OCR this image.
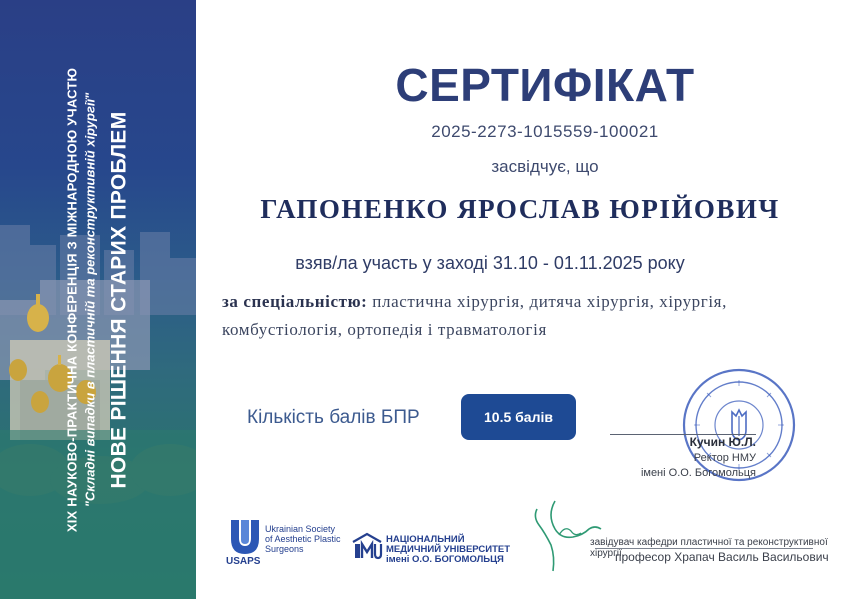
XIX НАУКОВО-ПРАКТИЧНА КОНФЕРЕНЦІЯ З МІЖНАРОДНОЮ УЧАСТЮ "Складні випадки в пластичній та реконструктивній хірургії" НОВЕ РІШЕННЯ СТАРИХ ПРОБЛЕМ
СЕРТИФІКАТ
2025-2273-1015559-100021
засвідчує, що
ГАПОНЕНКО ЯРОСЛАВ ЮРІЙОВИЧ
взяв/ла участь у заході 31.10 - 01.11.2025 року
за спеціальністю: пластична хірургія, дитяча хірургія, хірургія, комбустіологія, ортопедія і травматологія
Кількість балів БПР	10.5 балів
Кучин Ю.Л.
Ректор НМУ
імені О.О. Богомольця
Ukrainian Society
of Aesthetic Plastic
Surgeons
USAPS
НАЦІОНАЛЬНИЙ
МЕДИЧНИЙ УНІВЕРСИТЕТ
імені О.О. БОГОМОЛЬЦЯ
завідувач кафедри пластичної та реконструктивної хірургії,
професор Храпач Василь Васильович
